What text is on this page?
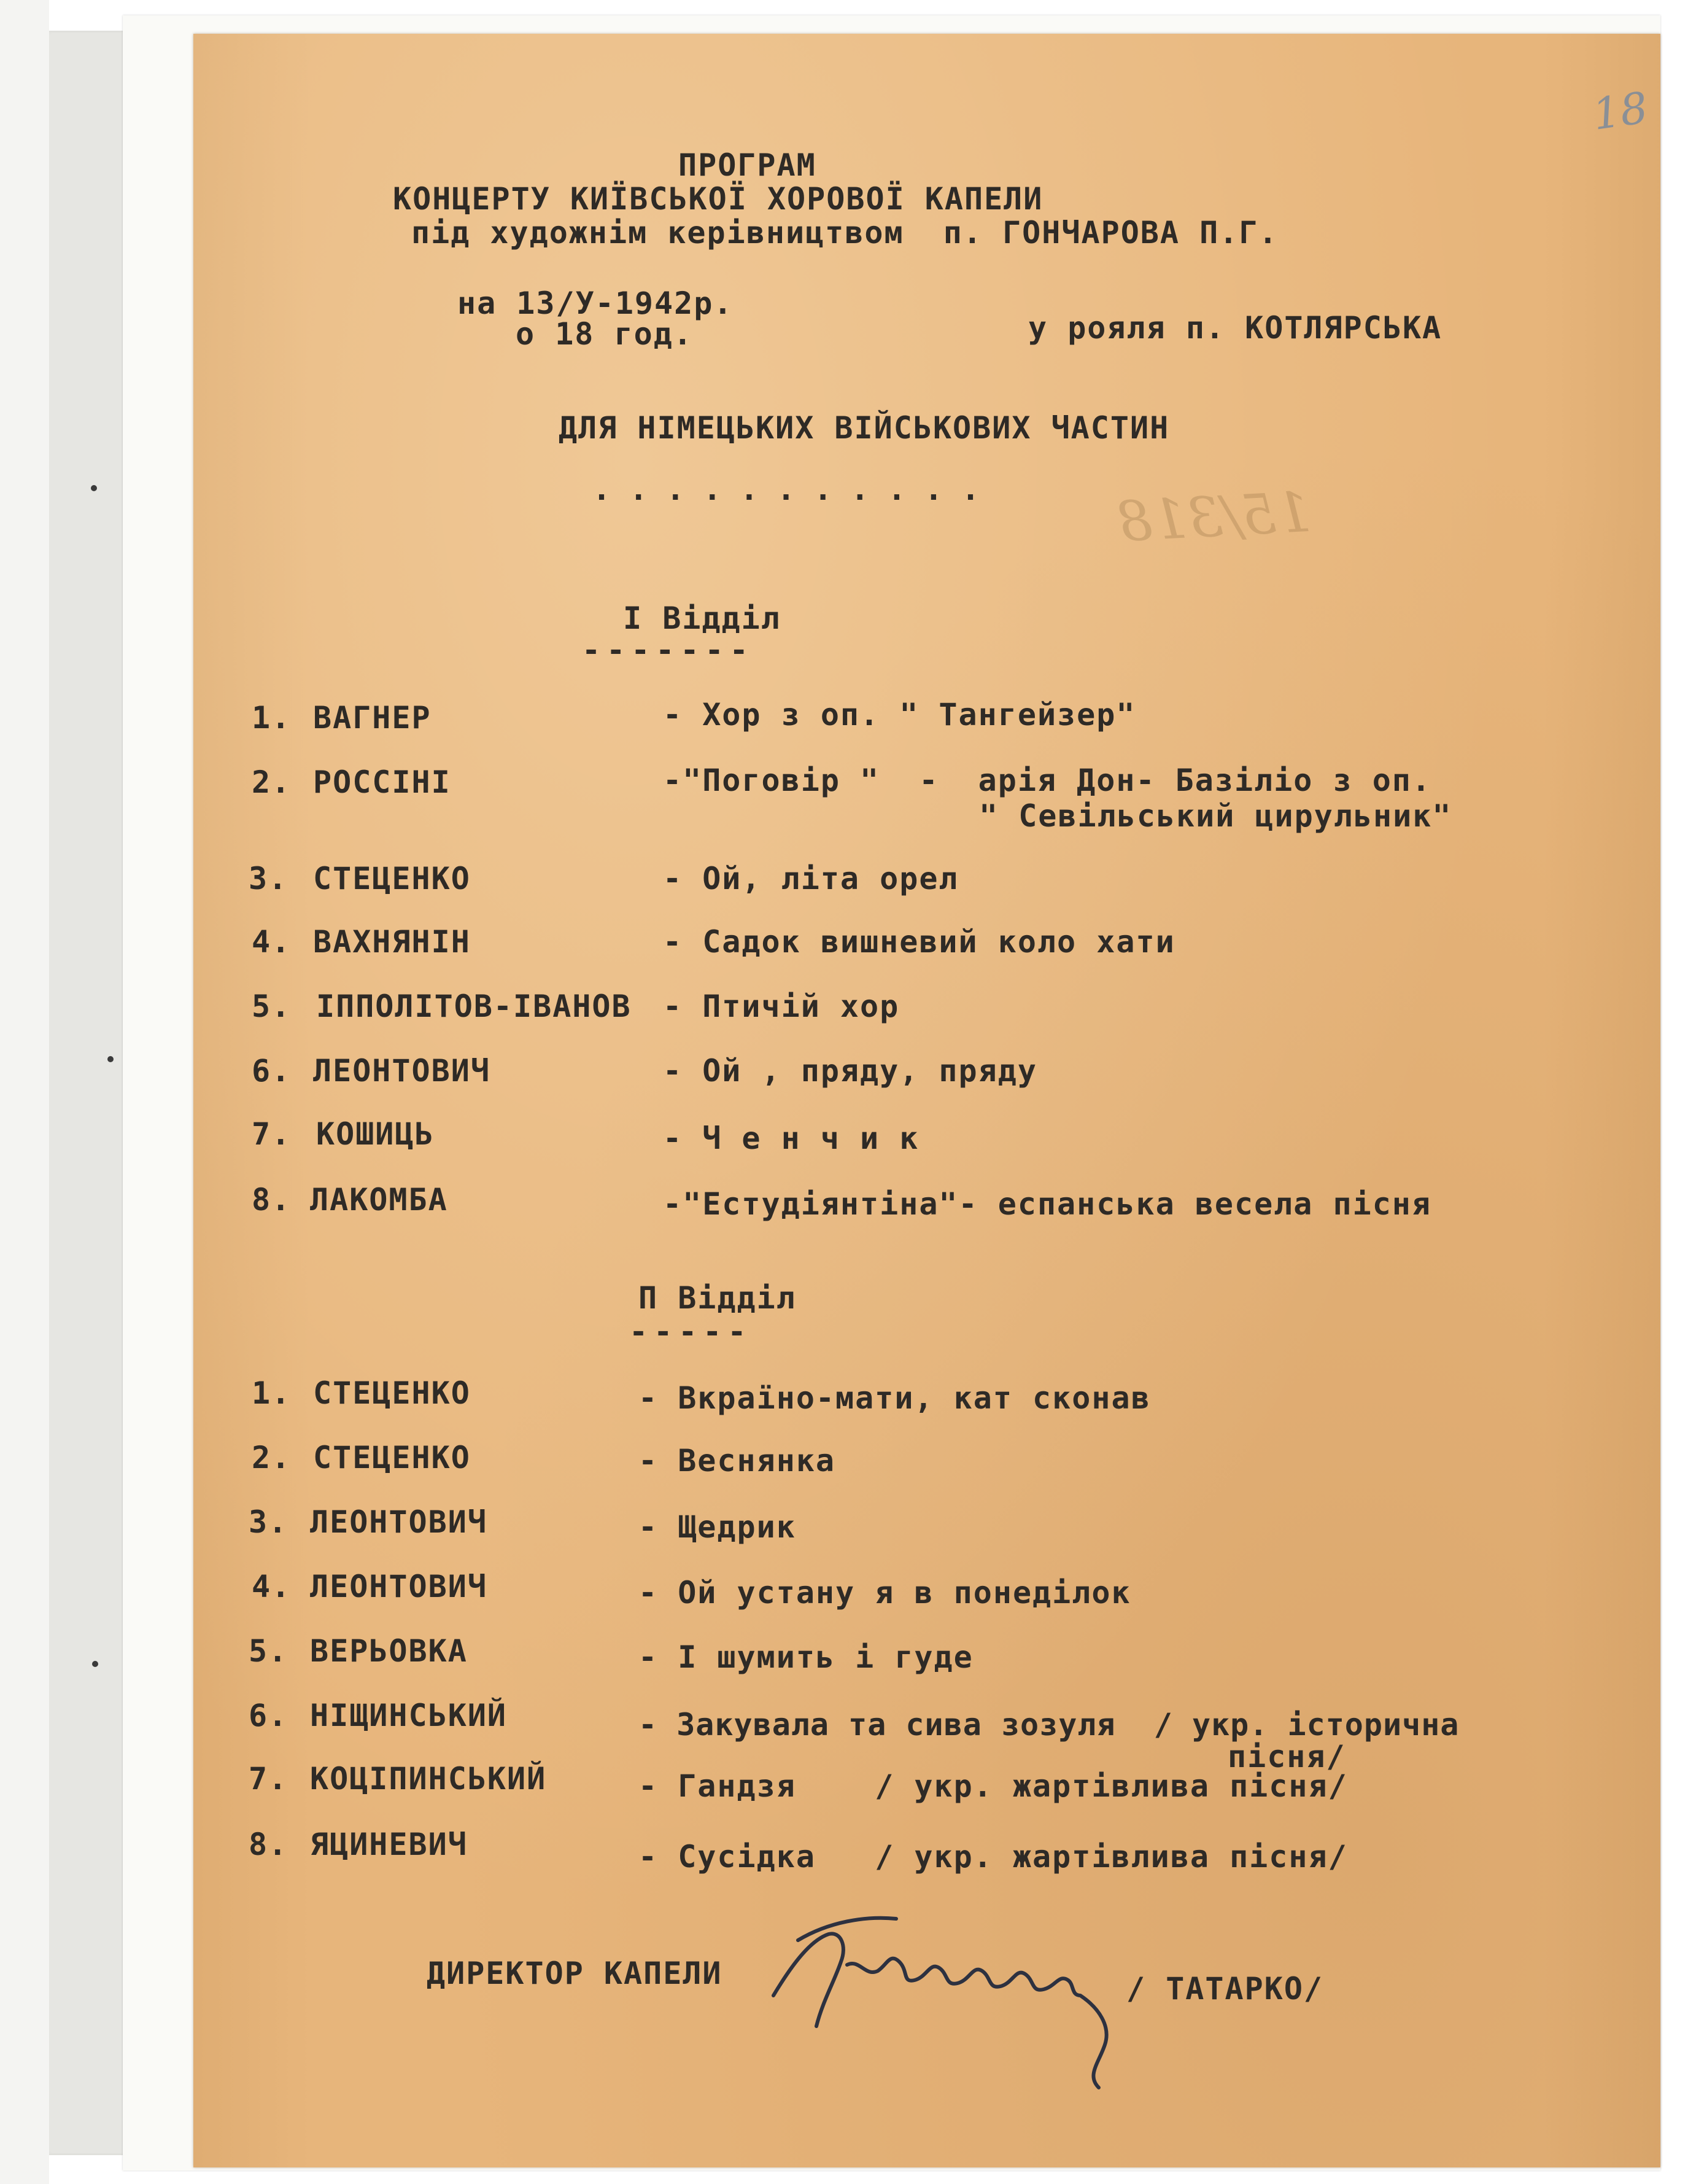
18
15/318
ПРОГРАМ
КОНЦЕРТУ КИЇВСЬКОЇ ХОРОВОЇ КАПЕЛИ
під художнім керівництвом  п. ГОНЧАРОВА П.Г.
на 13/У-1942р.
о 18 год.	у рояля п. КОТЛЯРСЬКА
ДЛЯ НІМЕЦЬКИХ ВІЙСЬКОВИХ ЧАСТИН
...........
І Відділ
-------
1. ВАГНЕР	- Хор з оп. " Тангейзер"
2. РОССІНІ	-"Поговір "  -  арія Дон- Базіліо з оп.
" Севільський цирульник"
3. СТЕЦЕНКО	- Ой, літа орел
4. ВАХНЯНІН	- Садок вишневий коло хати
5. ІППОЛІТОВ-ІВАНОВ - Птичій хор
6. ЛЕОНТОВИЧ	- Ой , пряду, пряду
7. КОШИЦЬ	- Ч е н ч и к
8. ЛАКОМБА	-"Естудіянтіна"- еспанська весела пісня
П Відділ
-----
1. СТЕЦЕНКО	- Вкраїно-мати, кат сконав
2. СТЕЦЕНКО	- Веснянка
3. ЛЕОНТОВИЧ	- Щедрик
4. ЛЕОНТОВИЧ	- Ой устану я в понеділок
5. ВЕРЬОВКА	- І шумить і гуде
6. НІЩИНСЬКИЙ	- Закувала та сива зозуля  / укр. історична
пісня/
7. КОЦІПИНСЬКИЙ	- Гандзя    / укр. жартівлива пісня/
8. ЯЦИНЕВИЧ	- Сусідка   / укр. жартівлива пісня/
ДИРЕКТОР КАПЕЛИ	/ ТАТАРКО/
